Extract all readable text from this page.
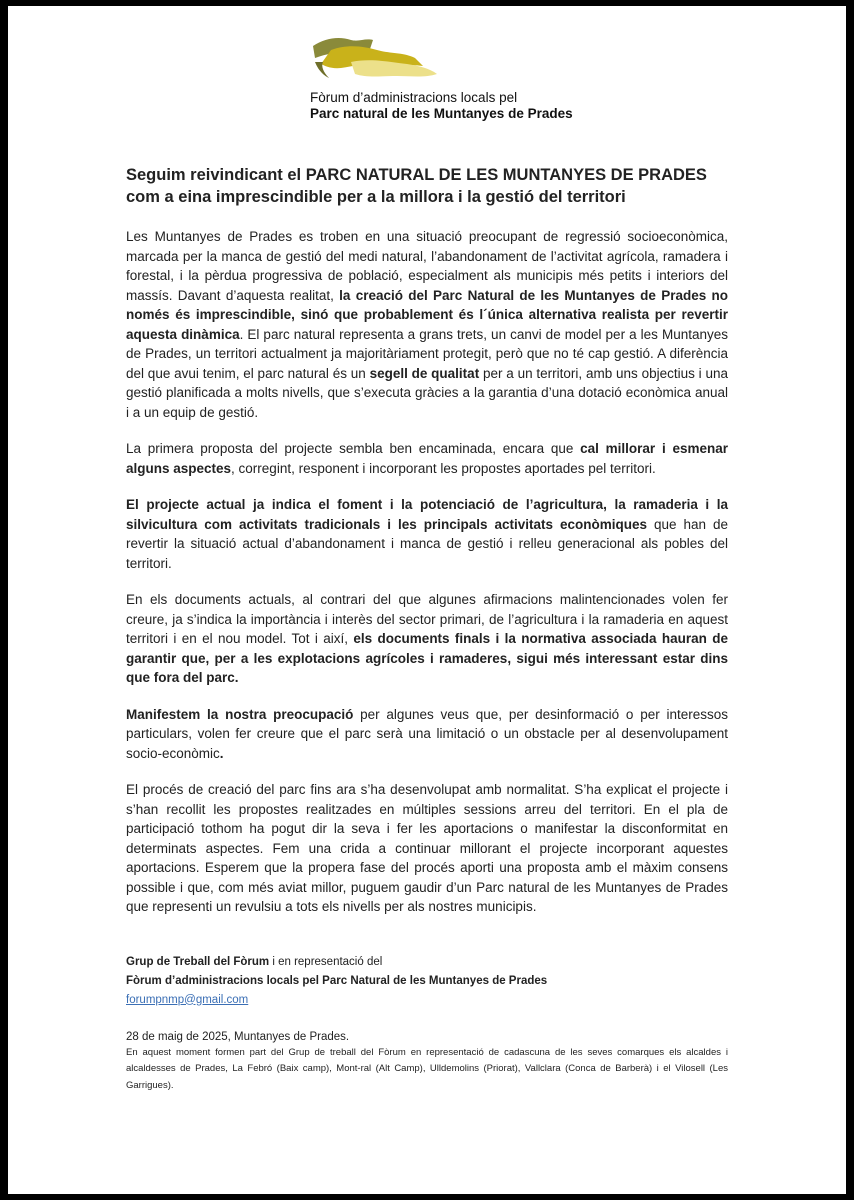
Fòrum d’administracions locals pel
Parc natural de les Muntanyes de Prades
Seguim reivindicant el PARC NATURAL DE LES MUNTANYES DE PRADES com a eina imprescindible per a la millora i la gestió del territori

Les Muntanyes de Prades es troben en una situació preocupant de regressió socioeconòmica, marcada per la manca de gestió del medi natural, l’abandonament de l’activitat agrícola, ramadera i forestal, i la pèrdua progressiva de població, especialment als municipis més petits i interiors del massís. Davant d’aquesta realitat, la creació del Parc Natural de les Muntanyes de Prades no només és imprescindible, sinó que probablement és l´única alternativa realista per revertir aquesta dinàmica. El parc natural representa a grans trets, un canvi de model per a les Muntanyes de Prades, un territori actualment ja majoritàriament protegit, però que no té cap gestió. A diferència del que avui tenim, el parc natural és un segell de qualitat per a un territori, amb uns objectius i una gestió planificada a molts nivells, que s’executa gràcies a la garantia d’una dotació econòmica anual i a un equip de gestió.

La primera proposta del projecte sembla ben encaminada, encara que cal millorar i esmenar alguns aspectes, corregint, responent i incorporant les propostes aportades pel territori.

El projecte actual ja indica el foment i la potenciació de l’agricultura, la ramaderia i la silvicultura com activitats tradicionals i les principals activitats econòmiques que han de revertir la situació actual d’abandonament i manca de gestió i relleu generacional als pobles del territori.

En els documents actuals, al contrari del que algunes afirmacions malintencionades volen fer creure, ja s’indica la importància i interès del sector primari, de l’agricultura i la ramaderia en aquest territori i en el nou model. Tot i així, els documents finals i la normativa associada hauran de garantir que, per a les explotacions agrícoles i ramaderes, sigui més interessant estar dins que fora del parc.

Manifestem la nostra preocupació per algunes veus que, per desinformació o per interessos particulars, volen fer creure que el parc serà una limitació o un obstacle per al desenvolupament socio-econòmic.

El procés de creació del parc fins ara s’ha desenvolupat amb normalitat. S’ha explicat el projecte i s’han recollit les propostes realitzades en múltiples sessions arreu del territori. En el pla de participació tothom ha pogut dir la seva i fer les aportacions o manifestar la disconformitat en determinats aspectes. Fem una crida a continuar millorant el projecte incorporant aquestes aportacions. Esperem que la propera fase del procés aporti una proposta amb el màxim consens possible i que, com més aviat millor, puguem gaudir d’un Parc natural de les Muntanyes de Prades que representi un revulsiu a tots els nivells per als nostres municipis.

Grup de Treball del Fòrum i en representació del
Fòrum d’administracions locals pel Parc Natural de les Muntanyes de Prades
forumpnmp@gmail.com
28 de maig de 2025, Muntanyes de Prades.
En aquest moment formen part del Grup de treball del Fòrum en representació de cadascuna de les seves comarques els alcaldes i alcaldesses de Prades, La Febró (Baix camp), Mont-ral (Alt Camp), Ulldemolins (Priorat), Vallclara (Conca de Barberà) i el Vilosell (Les Garrigues).
